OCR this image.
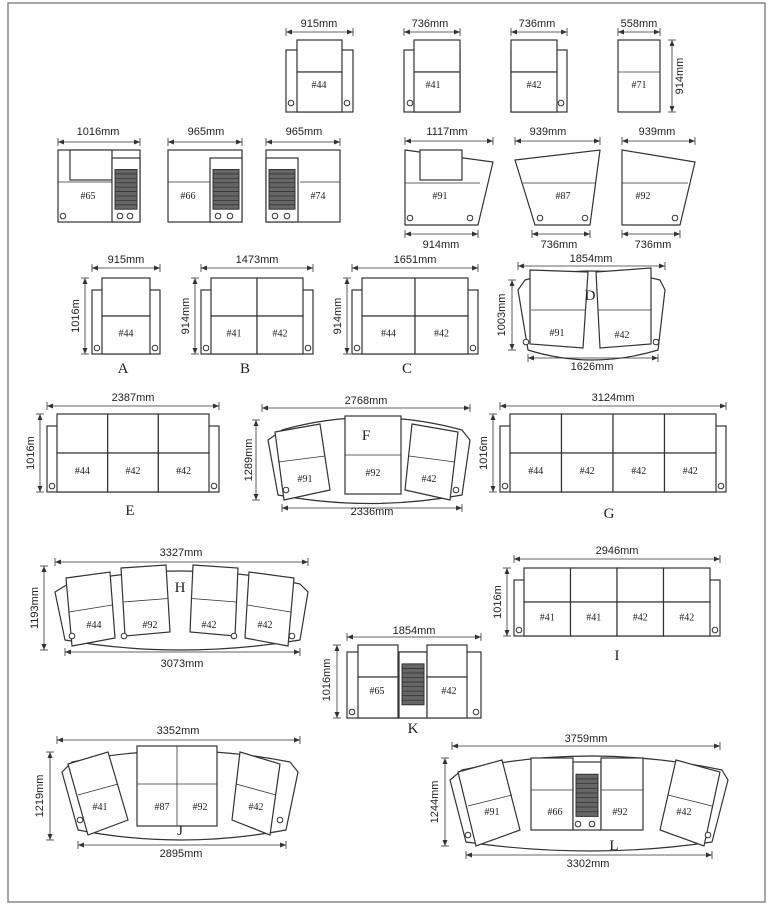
#44
915mm
#41
736mm
#42
736mm
#71
558mm
914mm
#65
1016mm
#66
965mm
#74
965mm
#91
1117mm
914mm
#87
939mm
736mm
#92
939mm
736mm
#44
915mm
1016m
A
#41	#42
1473mm
914mm
B
#44	#42
1651mm
914mm
C
#91	#42
D
1854mm
1626mm
1003mm
#44	#42	#42
2387mm
1016m
E
#44	#42	#42	#42
3124mm
1016m
G
#91
#92
#42
F
2768mm
2336mm
1289mm
#44	#92	#42	#42
H
3327mm
3073mm
1193mm	#41	#41	#42	#42
2946mm
1016m
I
#65	#42
1854mm
1016mm
K
#41	#87 #92	#42
J
3352mm
2895mm
1219mm	#91	#66	#92	#42
L
3759mm
3302mm
1244mm
